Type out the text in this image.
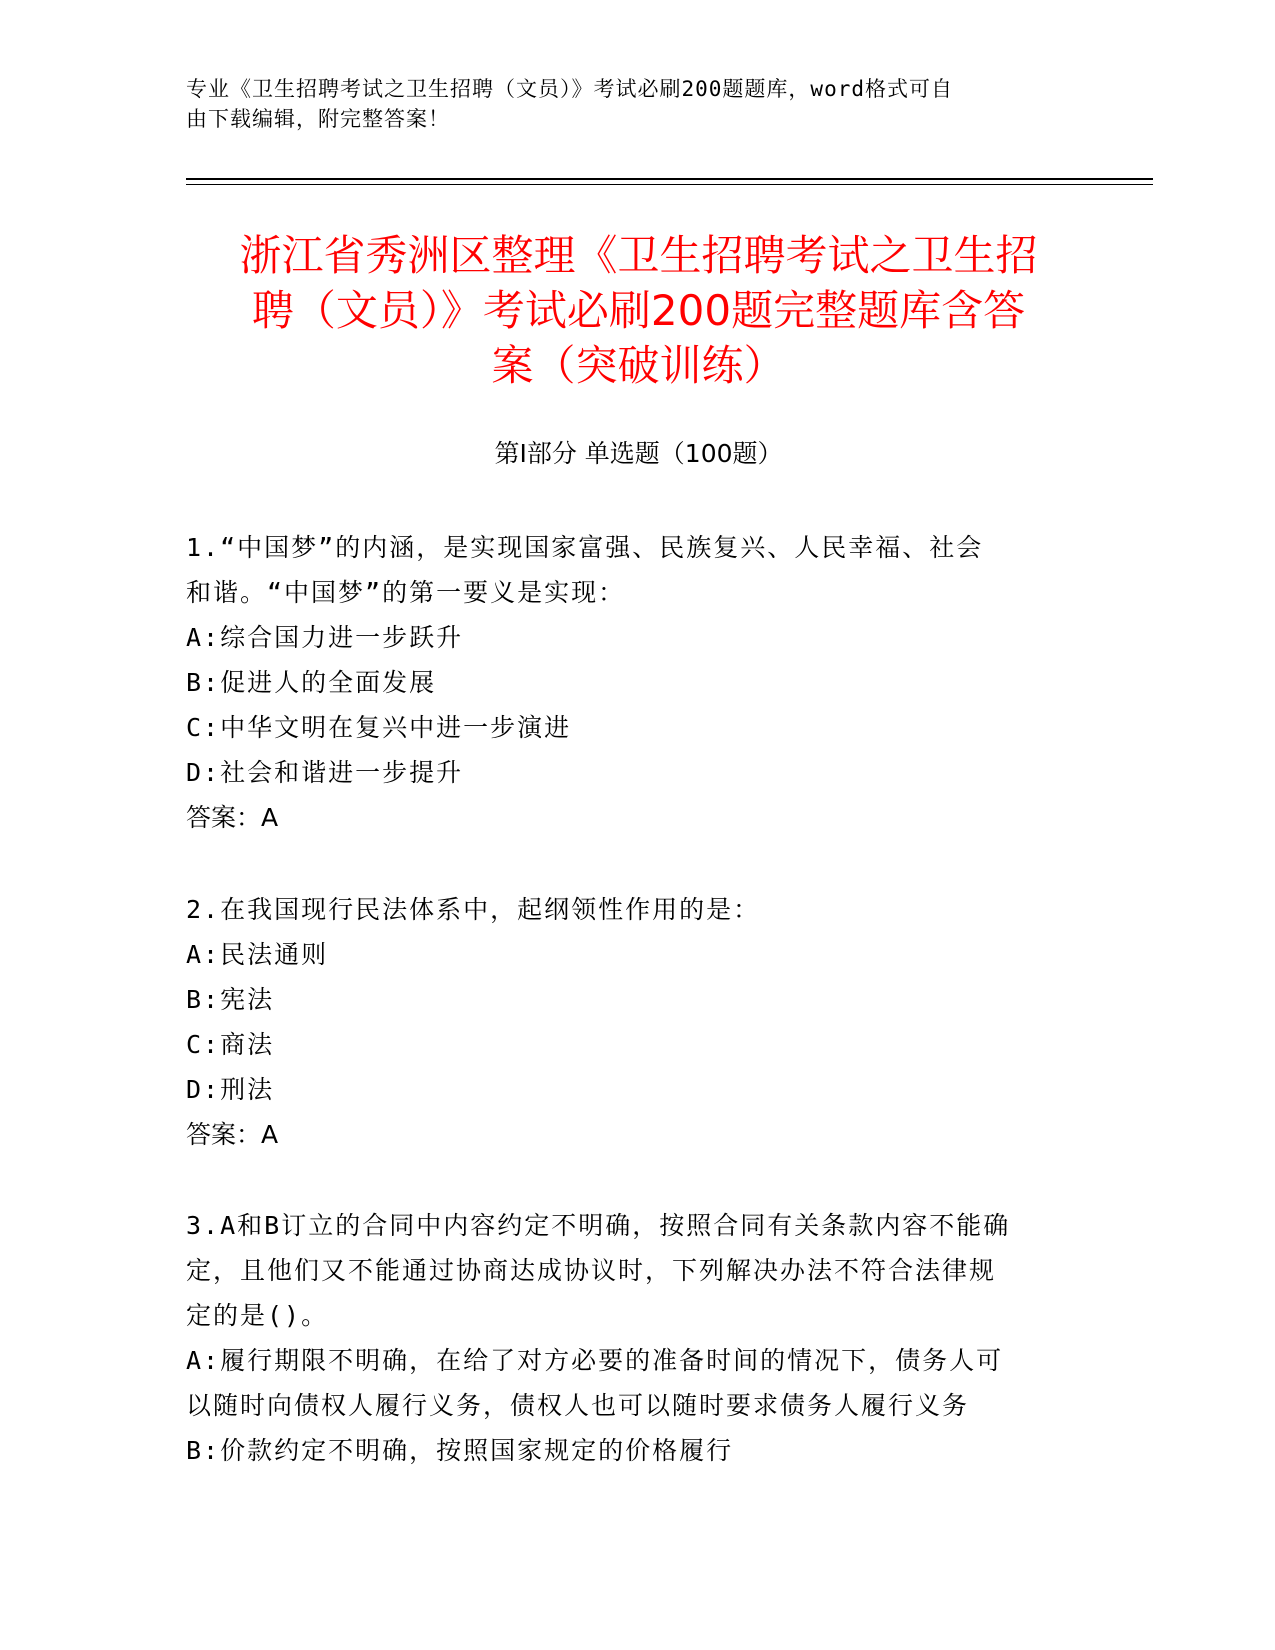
专业《卫生招聘考试之卫生招聘（文员）》考试必刷200题题库，word格式可自
由下载编辑，附完整答案！
浙江省秀洲区整理《卫生招聘考试之卫生招
聘（文员）》考试必刷200题完整题库含答
案（突破训练）
第Ⅰ部分 单选题（100题）
1.“中国梦”的内涵，是实现国家富强、民族复兴、人民幸福、社会
和谐。“中国梦”的第一要义是实现：

A:综合国力进一步跃升

B:促进人的全面发展

C:中华文明在复兴中进一步演进

D:社会和谐进一步提升

答案：A

2.在我国现行民法体系中，起纲领性作用的是：

A:民法通则

B:宪法

C:商法

D:刑法

答案：A

3.A和B订立的合同中内容约定不明确，按照合同有关条款内容不能确
定，且他们又不能通过协商达成协议时，下列解决办法不符合法律规
定的是()。

A:履行期限不明确，在给了对方必要的准备时间的情况下，债务人可

以随时向债权人履行义务，债权人也可以随时要求债务人履行义务

B:价款约定不明确，按照国家规定的价格履行
